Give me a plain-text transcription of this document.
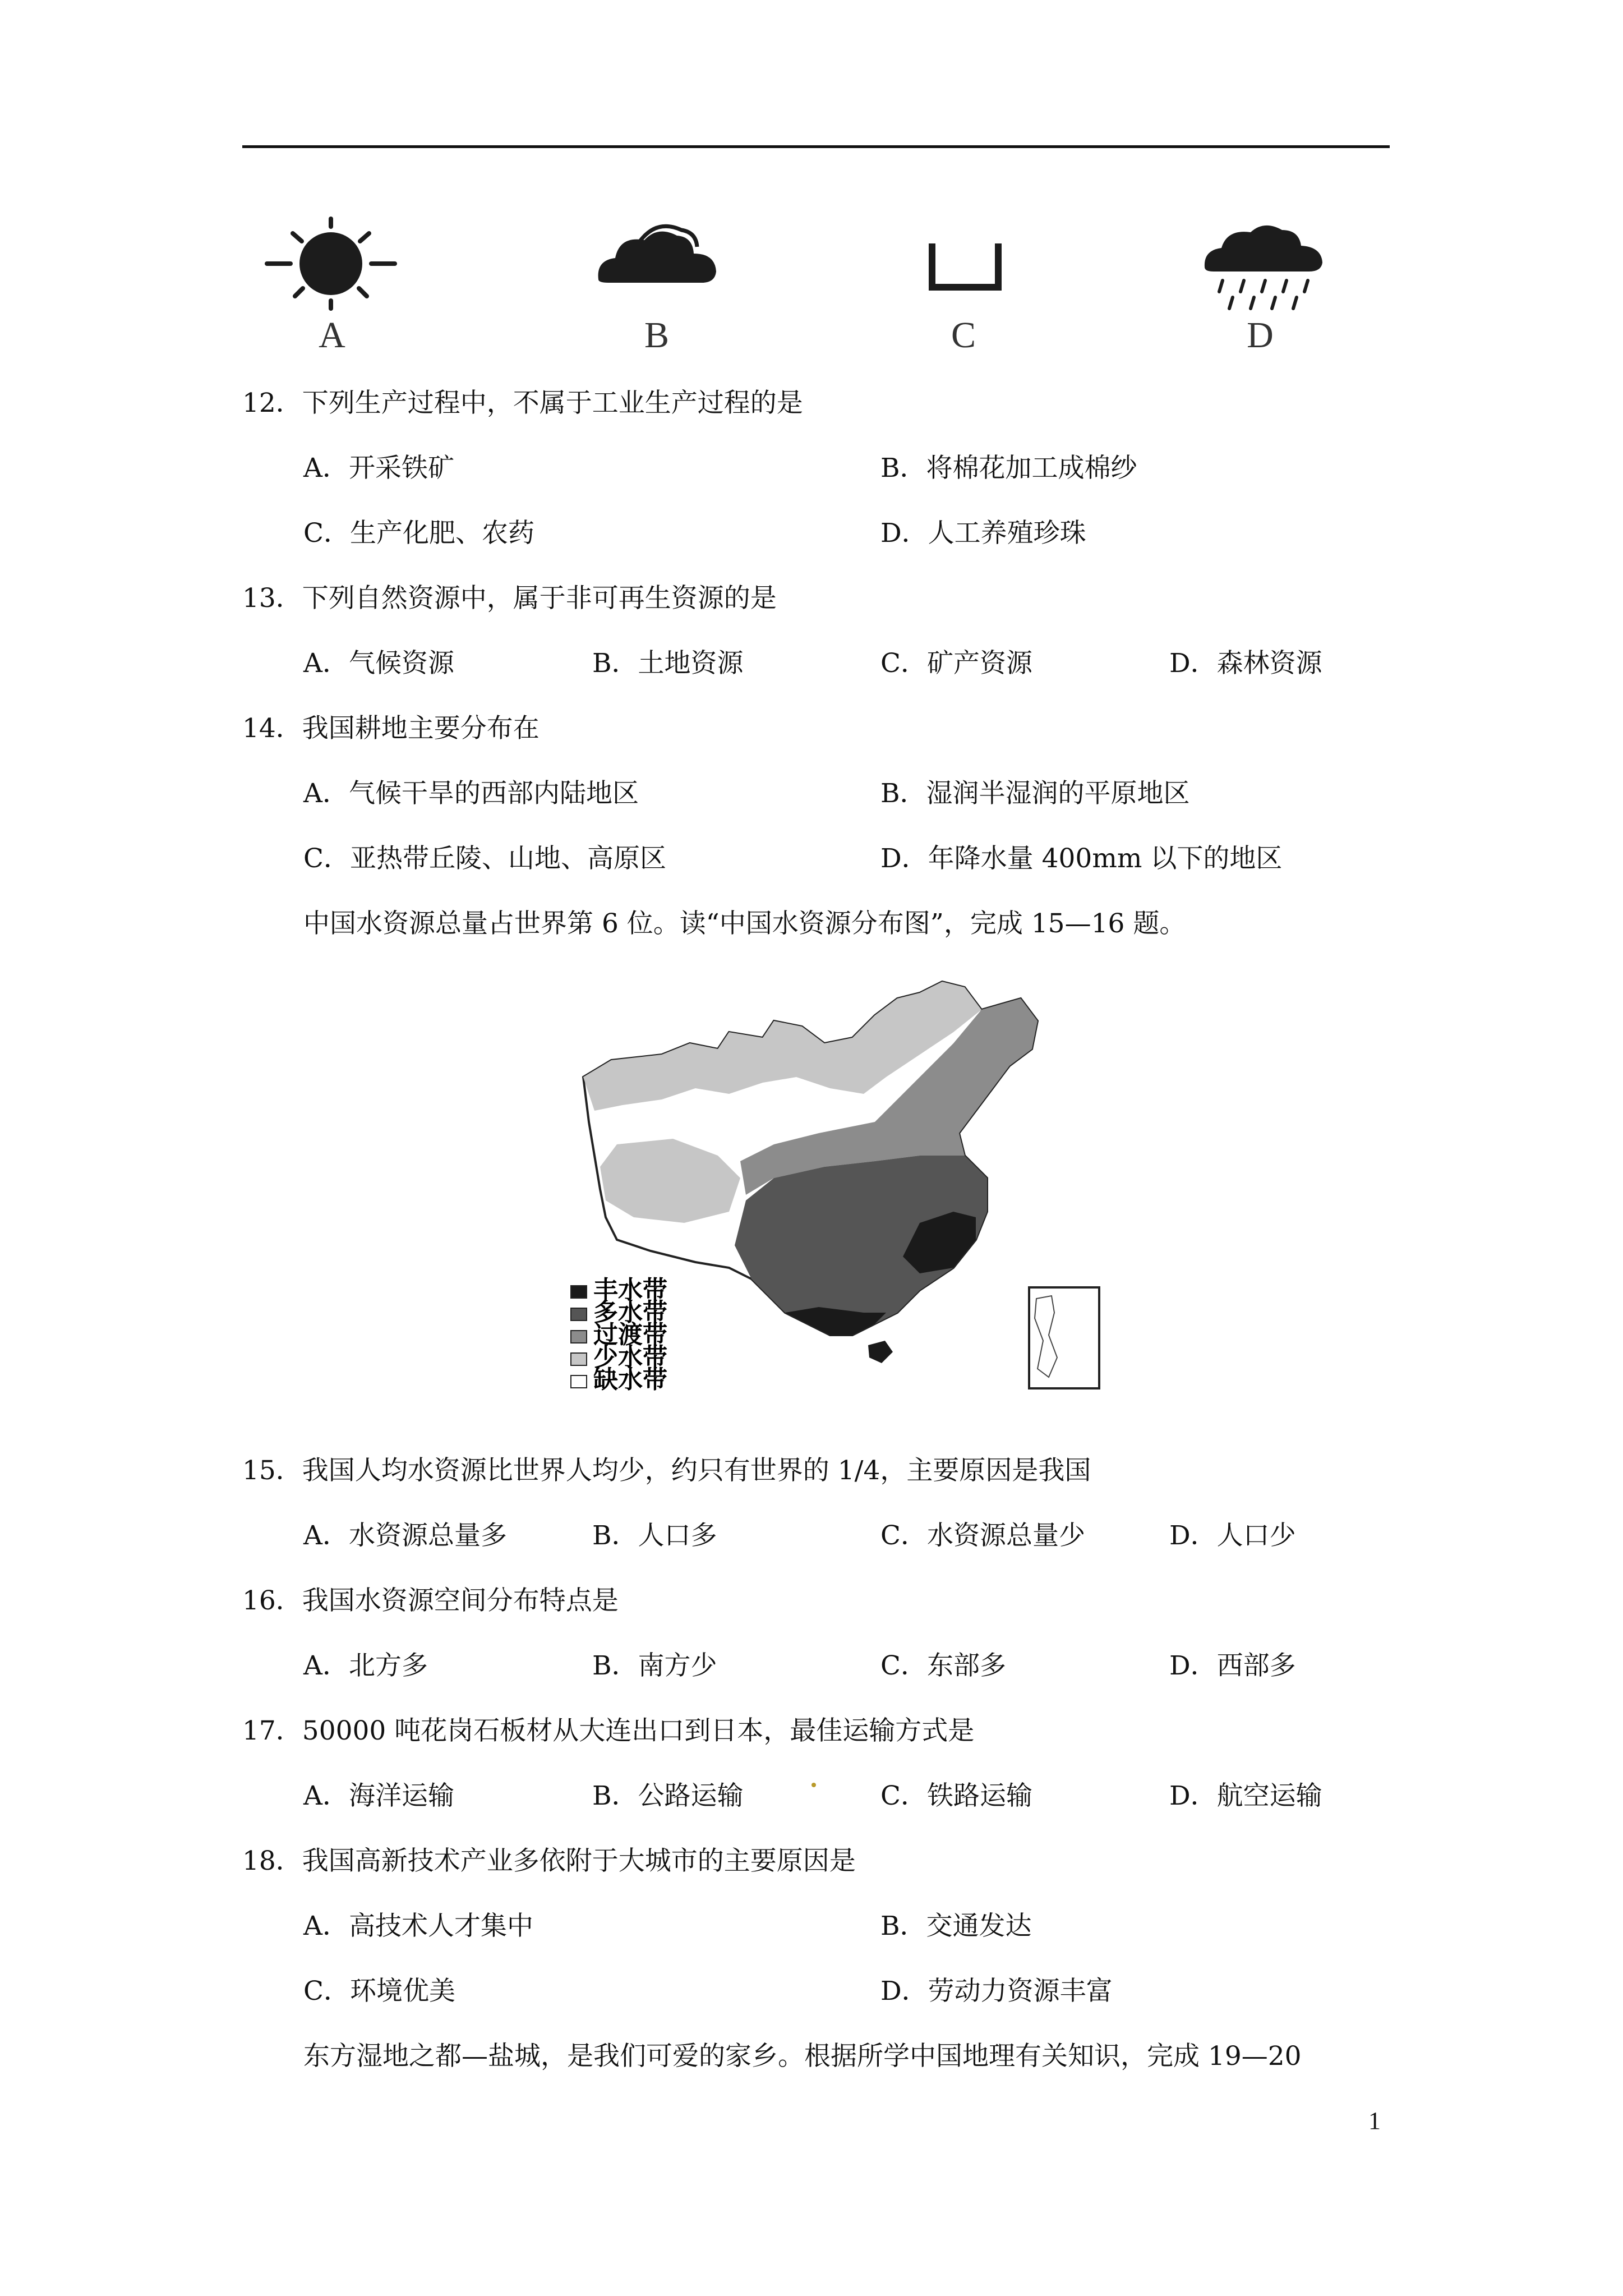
A	B	C	D
12．下列生产过程中，不属于工业生产过程的是
A．开采铁矿	B．将棉花加工成棉纱
C．生产化肥、农药	D．人工养殖珍珠
13．下列自然资源中，属于非可再生资源的是
A．气候资源	B．土地资源	C．矿产资源	D．森林资源
14．我国耕地主要分布在
A．气候干旱的西部内陆地区	B．湿润半湿润的平原地区
C．亚热带丘陵、山地、高原区	D．年降水量 400mm 以下的地区
中国水资源总量占世界第 6 位。读“中国水资源分布图”，完成 15—16 题。
丰水带
多水带
过渡带
少水带
缺水带
15．我国人均水资源比世界人均少，约只有世界的 1/4，主要原因是我国
A．水资源总量多	B．人口多	C．水资源总量少	D．人口少
16．我国水资源空间分布特点是
A．北方多	B．南方少	C．东部多	D．西部多
17．50000 吨花岗石板材从大连出口到日本，最佳运输方式是
A．海洋运输	B．公路运输	C．铁路运输	D．航空运输
18．我国高新技术产业多依附于大城市的主要原因是
A．高技术人才集中	B．交通发达
C．环境优美	D．劳动力资源丰富
东方湿地之都—盐城，是我们可爱的家乡。根据所学中国地理有关知识，完成 19—20
1
